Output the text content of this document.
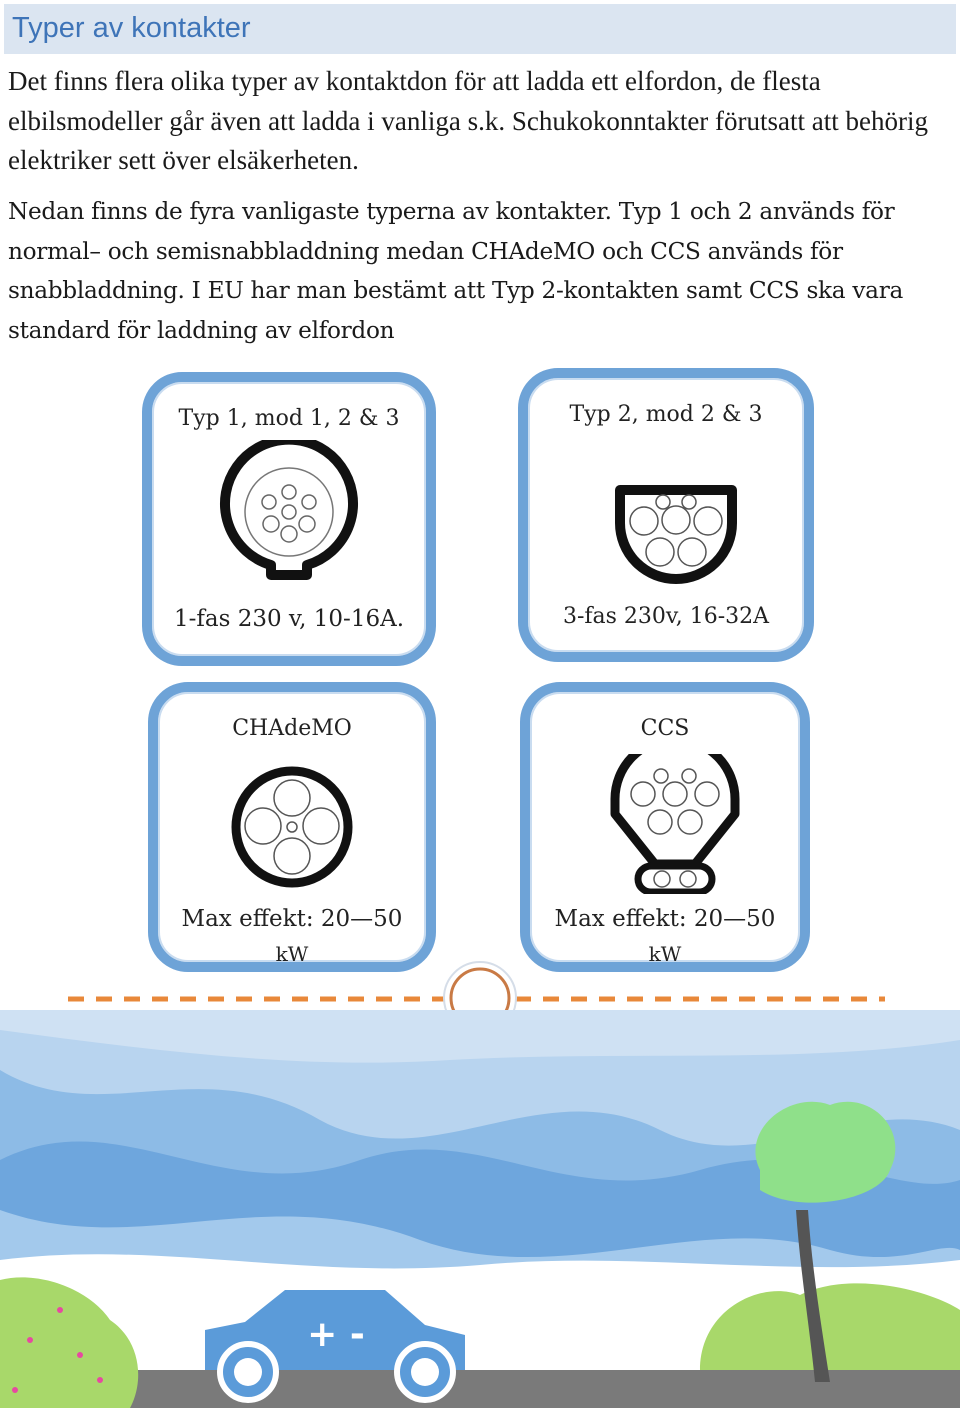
Typer av kontakter

Det finns flera olika typer av kontaktdon för att ladda ett elfordon, de flesta elbilsmodeller går även att ladda i vanliga s.k. Schukokonntakter förutsatt att behörig elektriker sett över elsäkerheten.

Nedan finns de fyra vanligaste typerna av kontakter. Typ 1 och 2 används för normal– och semisnabbladdning medan CHAdeMO och CCS används för snabbladdning. I EU har man bestämt att Typ 2-kontakten samt CCS ska vara standard för laddning av elfordon

Typ 1, mod 1, 2 & 3
1-fas 230 v, 10-16A.
Typ 2, mod 2 & 3
3-fas 230v, 16-32A
CHAdeMO
Max effekt: 20—50
kW
CCS
Max effekt: 20—50
kW
+ -
